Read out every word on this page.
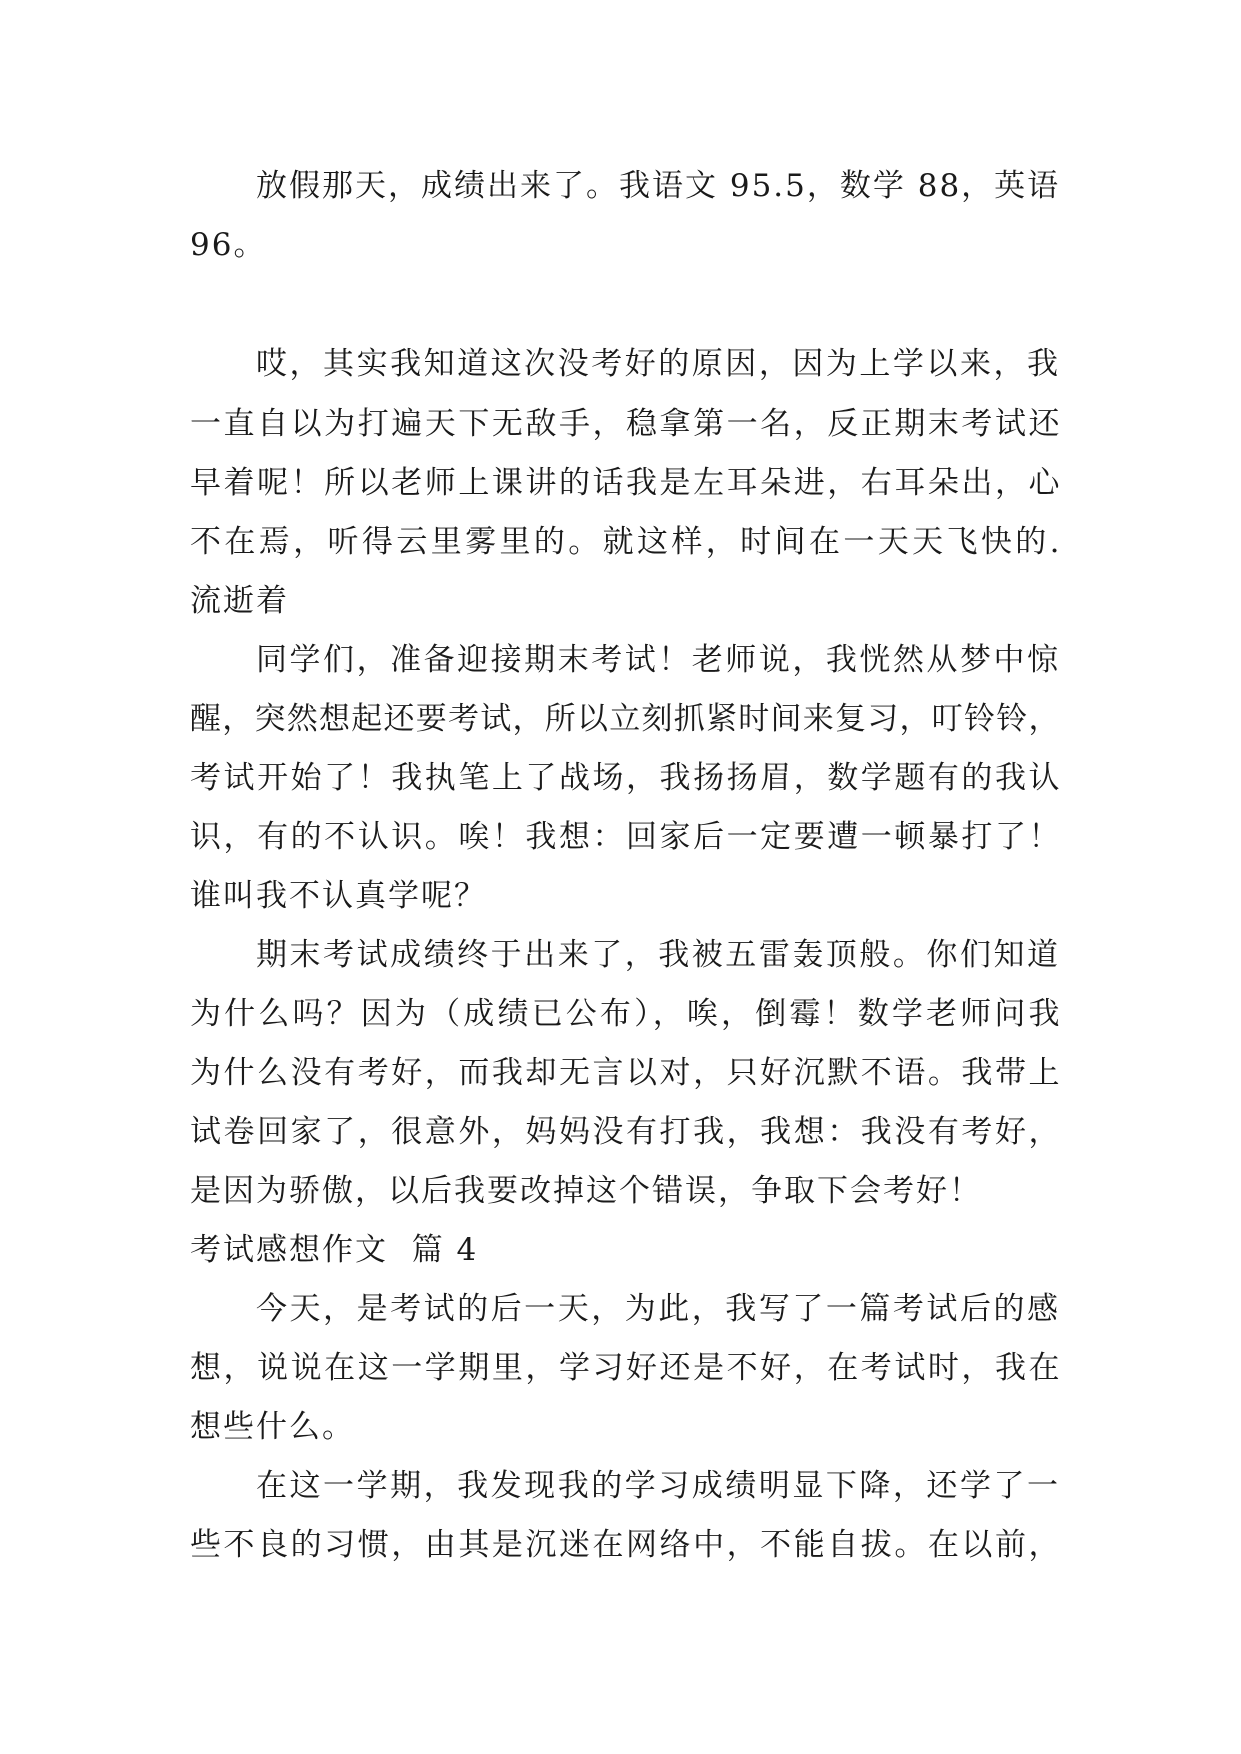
放假那天，成绩出来了。我语文 95.5，数学 88，英语
96。
哎，其实我知道这次没考好的原因，因为上学以来，我
一直自以为打遍天下无敌手，稳拿第一名，反正期末考试还
早着呢！所以老师上课讲的话我是左耳朵进，右耳朵出，心
不在焉，听得云里雾里的。就这样，时间在一天天飞快的.
流逝着
同学们，准备迎接期末考试！老师说，我恍然从梦中惊
醒，突然想起还要考试，所以立刻抓紧时间来复习，叮铃铃，
考试开始了！我执笔上了战场，我扬扬眉，数学题有的我认
识，有的不认识。唉！我想：回家后一定要遭一顿暴打了！
谁叫我不认真学呢？
期末考试成绩终于出来了，我被五雷轰顶般。你们知道
为什么吗？因为（成绩已公布），唉，倒霉！数学老师问我
为什么没有考好，而我却无言以对，只好沉默不语。我带上
试卷回家了，很意外，妈妈没有打我，我想：我没有考好，
是因为骄傲，以后我要改掉这个错误，争取下会考好！
考试感想作文  篇 4
今天，是考试的后一天，为此，我写了一篇考试后的感
想，说说在这一学期里，学习好还是不好，在考试时，我在
想些什么。
在这一学期，我发现我的学习成绩明显下降，还学了一
些不良的习惯，由其是沉迷在网络中，不能自拔。在以前，
